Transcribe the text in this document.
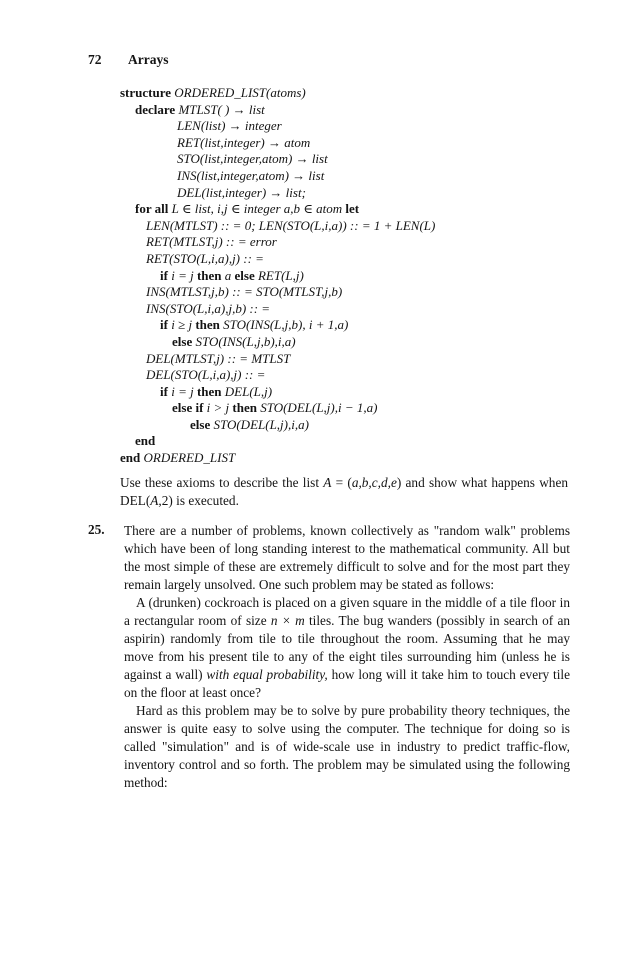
72 Arrays
structure ORDERED_LIST(atoms)
declare MTLST( ) → list
LEN(list) → integer
RET(list,integer) → atom
STO(list,integer,atom) → list
INS(list,integer,atom) → list
DEL(list,integer) → list;
for all L ∈ list, i,j ∈ integer a,b ∈ atom let
LEN(MTLST) :: = 0; LEN(STO(L,i,a)) :: = 1 + LEN(L)
RET(MTLST,j) :: = error
RET(STO(L,i,a),j) :: =
if i = j then a else RET(L,j)
INS(MTLST,j,b) :: = STO(MTLST,j,b)
INS(STO(L,i,a),j,b) :: =
if i ≥ j then STO(INS(L,j,b), i + 1,a)
else STO(INS(L,j,b),i,a)
DEL(MTLST,j) :: = MTLST
DEL(STO(L,i,a),j) :: =
if i = j then DEL(L,j)
else if i > j then STO(DEL(L,j),i − 1,a)
else STO(DEL(L,j),i,a)
end
end ORDERED_LIST
Use these axioms to describe the list A = (a,b,c,d,e) and show what happens when DEL(A,2) is executed.
25. There are a number of problems, known collectively as "random walk" problems which have been of long standing interest to the mathematical community. All but the most simple of these are extremely difficult to solve and for the most part they remain largely unsolved. One such problem may be stated as follows:

A (drunken) cockroach is placed on a given square in the middle of a tile floor in a rectangular room of size n × m tiles. The bug wanders (possibly in search of an aspirin) randomly from tile to tile throughout the room. Assuming that he may move from his present tile to any of the eight tiles surrounding him (unless he is against a wall) with equal probability, how long will it take him to touch every tile on the floor at least once?

Hard as this problem may be to solve by pure probability theory techniques, the answer is quite easy to solve using the computer. The technique for doing so is called "simulation" and is of wide-scale use in industry to predict traffic-flow, inventory control and so forth. The problem may be simulated using the following method:
